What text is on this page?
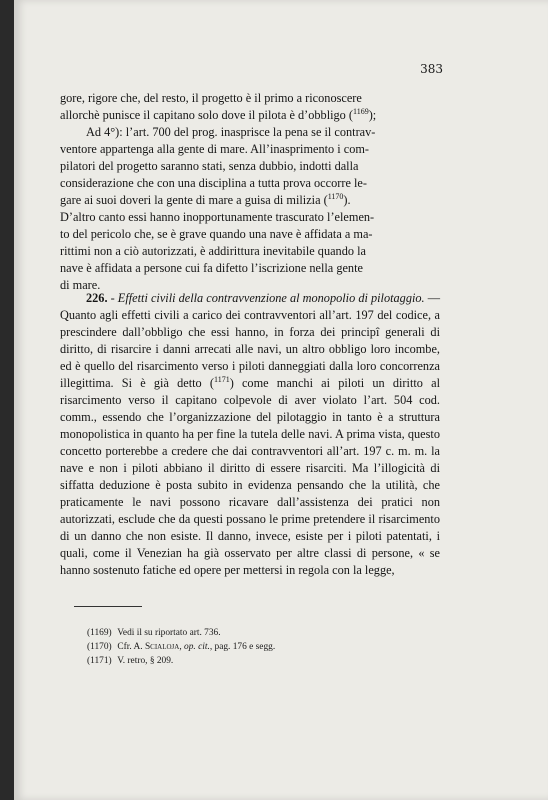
383

gore, rigore che, del resto, il progetto è il primo a riconoscere

allorchè punisce il capitano solo dove il pilota è d’obbligo ($^{1169}$);

Ad 4°): l’art. 700 del prog. inasprisce la pena se il contrav-

ventore appartenga alla gente di mare. All’inasprimento i com-

pilatori del progetto saranno stati, senza dubbio, indotti dalla

considerazione che con una disciplina a tutta prova occorre le-

gare ai suoi doveri la gente di mare a guisa di milizia ($^{1170}$).

D’altro canto essi hanno inopportunamente trascurato l’elemen-

to del pericolo che, se è grave quando una nave è affidata a ma-

rittimi non a ciò autorizzati, è addirittura inevitabile quando la

nave è affidata a persone cui fa difetto l’iscrizione nella gente

di mare.

226. - Effetti civili della contravvenzione al monopolio di pilotaggio. — Quanto agli effetti civili a carico dei contravventori all’art. 197 del codice, a prescindere dall’obbligo che essi hanno, in forza dei principî generali di diritto, di risarcire i danni arrecati alle navi, un altro obbligo loro incombe, ed è quello del risarcimento verso i piloti danneggiati dalla loro concorrenza illegittima. Si è già detto ($^{1171}$) come manchi ai piloti un diritto al risarcimento verso il capitano colpevole di aver violato l’art. 504 cod. comm., essendo che l’organizzazione del pilotaggio in tanto è a struttura monopolistica in quanto ha per fine la tutela delle navi. A prima vista, questo concetto porterebbe a credere che dai contravventori all’art. 197 c. m. m. la nave e non i piloti abbiano il diritto di essere risarciti. Ma l’illogicità di siffatta deduzione è posta subito in evidenza pensando che la utilità, che praticamente le navi possono ricavare dall’assistenza dei pratici non autorizzati, esclude che da questi possano le prime pretendere il risarcimento di un danno che non esiste. Il danno, invece, esiste per i piloti patentati, i quali, come il Venezian ha già osservato per altre classi di persone, « se hanno sostenuto fatiche ed opere per mettersi in regola con la legge,

(1169) Vedi il su riportato art. 736.

(1170) Cfr. A. Scialoja, op. cit., pag. 176 e segg.

(1171) V. retro, § 209.
